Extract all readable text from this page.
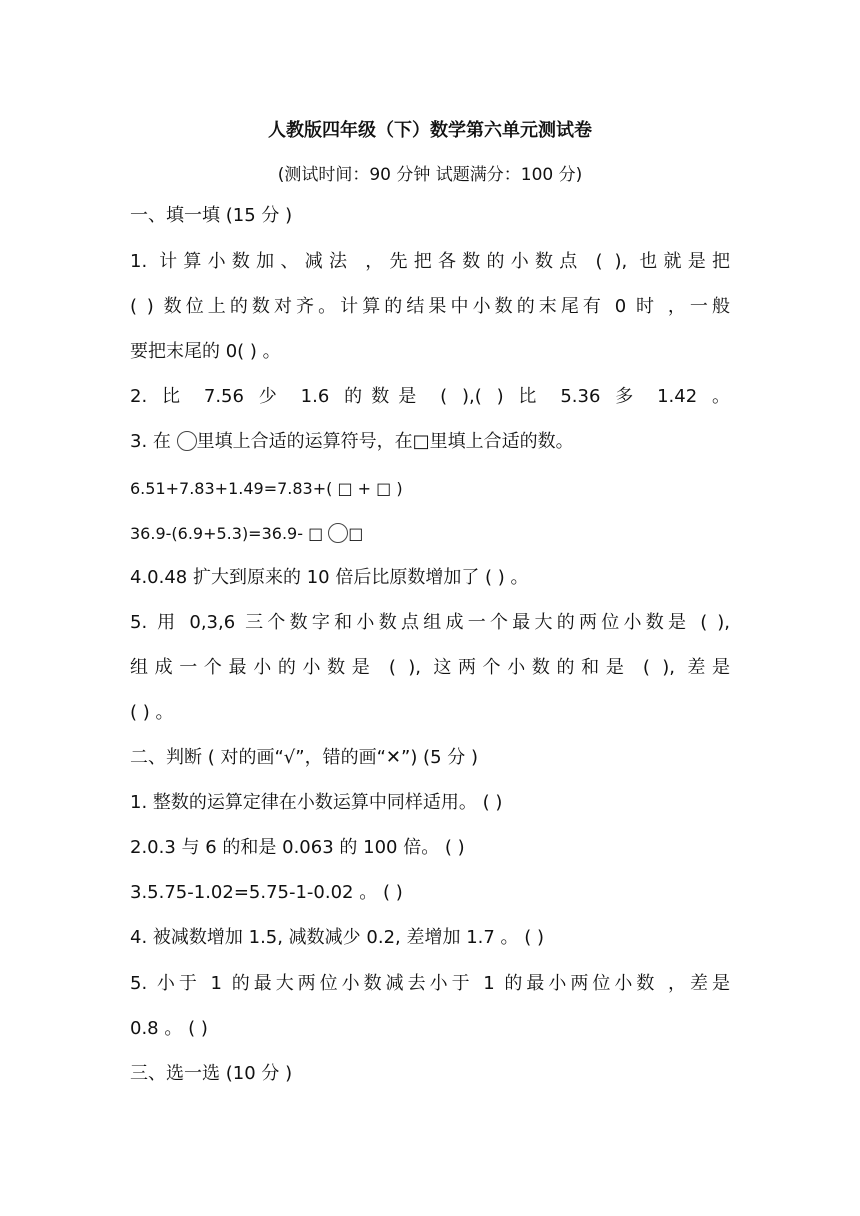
人教版四年级（下）数学第六单元测试卷
(测试时间：90 分钟 试题满分：100 分)
一、填一填 (15 分 )
1. 计算小数加、减法 ，先把各数的小数点 ( ), 也就是把
( ) 数位上的数对齐。计算的结果中小数的末尾有 0 时 ，一般
要把末尾的 0( ) 。
2. 比 7.56 少 1.6 的数是 ( ),( ) 比 5.36 多 1.42 。
3. 在 里填上合适的运算符号，在□里填上合适的数。
6.51+7.83+1.49=7.83+( □ + □ )
36.9-(6.9+5.3)=36.9- □ □
4.0.48 扩大到原来的 10 倍后比原数增加了 ( ) 。
5. 用 0,3,6 三个数字和小数点组成一个最大的两位小数是 ( ),
组成一个最小的小数是 ( ), 这两个小数的和是 ( ), 差是
( ) 。
二、判断 ( 对的画“√”，错的画“✕”) (5 分 )
1. 整数的运算定律在小数运算中同样适用。 ( )
2.0.3 与 6 的和是 0.063 的 100 倍。 ( )
3.5.75-1.02=5.75-1-0.02 。 ( )
4. 被减数增加 1.5, 减数减少 0.2, 差增加 1.7 。 ( )
5. 小于 1 的最大两位小数减去小于 1 的最小两位小数 ，差是
0.8 。 ( )
三、选一选 (10 分 )
